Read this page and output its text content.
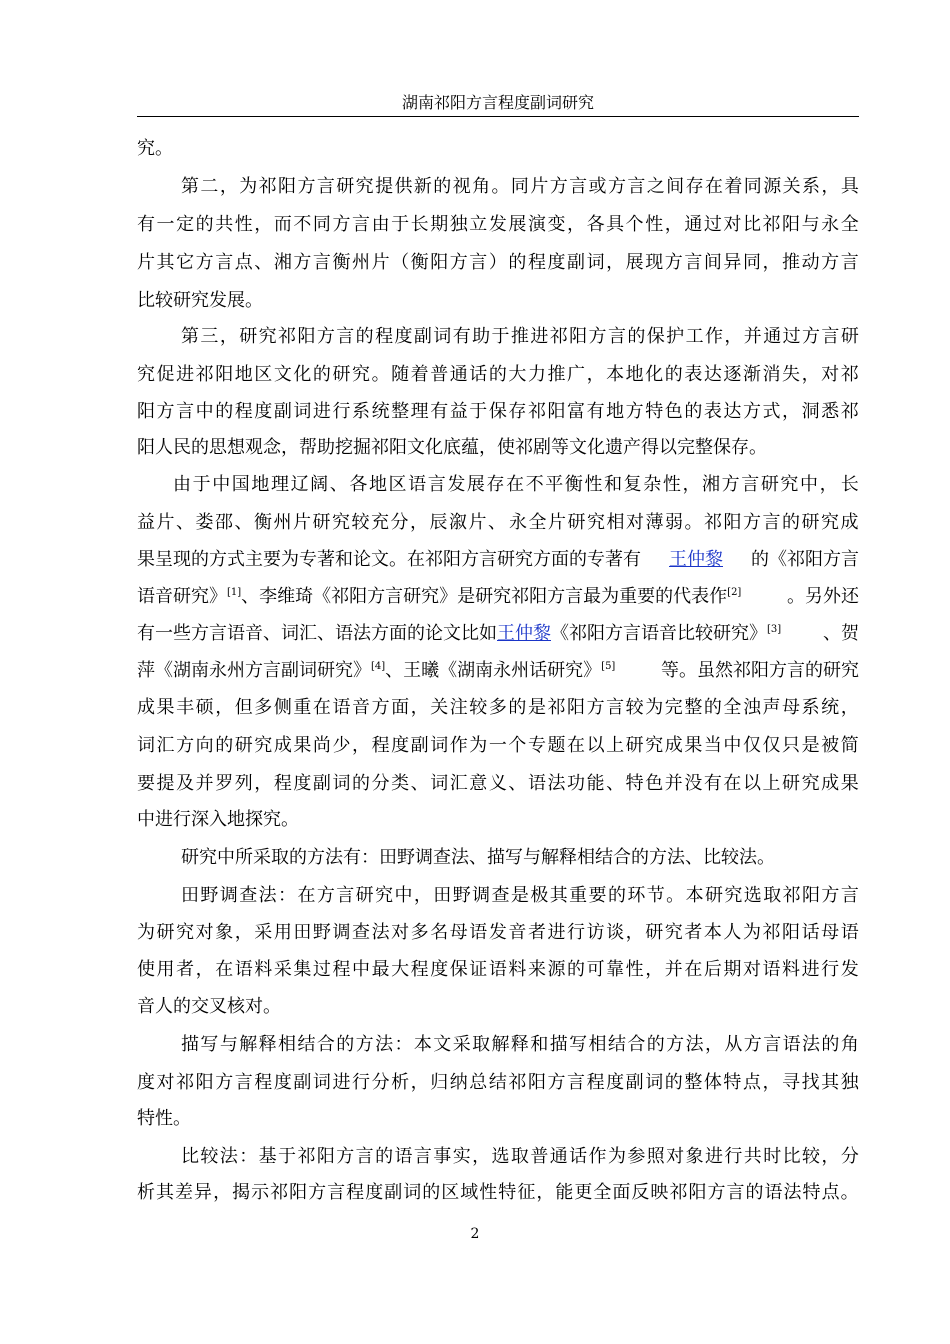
湖南祁阳方言程度副词研究
究。
第 二 ， 为 祁 阳 方 言 研 究 提 供 新 的 视 角 。 同 片 方 言 或 方 言 之 间 存 在 着 同 源 关 系 ， 具
有 一 定 的 共 性 ， 而 不 同 方 言 由 于 长 期 独 立 发 展 演 变 ， 各 具 个 性 ， 通 过 对 比 祁 阳 与 永 全
片 其 它 方 言 点 、 湘 方 言 衡 州 片 （ 衡 阳 方 言 ） 的 程 度 副 词 ， 展 现 方 言 间 异 同 ， 推 动 方 言
比较研究发展。
第 三 ， 研 究 祁 阳 方 言 的 程 度 副 词 有 助 于 推 进 祁 阳 方 言 的 保 护 工 作 ， 并 通 过 方 言 研
究 促 进 祁 阳 地 区 文 化 的 研 究 。 随 着 普 通 话 的 大 力 推 广 ， 本 地 化 的 表 达 逐 渐 消 失 ， 对 祁
阳 方 言 中 的 程 度 副 词 进 行 系 统 整 理 有 益 于 保 存 祁 阳 富 有 地 方 特 色 的 表 达 方 式 ， 洞 悉 祁
阳人民的思想观念，帮助挖掘祁阳文化底蕴，使祁剧等文化遗产得以完整保存。
由 于 中 国 地 理 辽 阔 、 各 地 区 语 言 发 展 存 在 不 平 衡 性 和 复 杂 性 ， 湘 方 言 研 究 中 ， 长
益 片 、 娄 邵 、 衡 州 片 研 究 较 充 分 ， 辰 溆 片 、 永 全 片 研 究 相 对 薄 弱 。 祁 阳 方 言 的 研 究 成
果呈现的方式主要为专著和论文。在祁阳方言研究方面的专著有 王仲黎 的《祁阳方言
语音研究》[1]、李维琦《祁阳方言研究》是研究祁阳方言最为重要的代表作[2]	。另外还
有一些方言语音、词汇、语法方面的论文比如王仲黎《祁阳方言语音比较研究》[3] 、贺
萍《湖南永州方言副词研究》[4]、王曦《湖南永州话研究》[5]	等。虽然祁阳方言的研究
成 果 丰 硕 ， 但 多 侧 重 在 语 音 方 面 ， 关 注 较 多 的 是 祁 阳 方 言 较 为 完 整 的 全 浊 声 母 系 统 ，
词 汇 方 向 的 研 究 成 果 尚 少 ， 程 度 副 词 作 为 一 个 专 题 在 以 上 研 究 成 果 当 中 仅 仅 只 是 被 简
要 提 及 并 罗 列 ， 程 度 副 词 的 分 类 、 词 汇 意 义 、 语 法 功 能 、 特 色 并 没 有 在 以 上 研 究 成 果
中进行深入地探究。
研究中所采取的方法有：田野调查法、描写与解释相结合的方法、比较法。
田 野 调 查 法 ： 在 方 言 研 究 中 ， 田 野 调 查 是 极 其 重 要 的 环 节 。 本 研 究 选 取 祁 阳 方 言
为 研 究 对 象 ， 采 用 田 野 调 查 法 对 多 名 母 语 发 音 者 进 行 访 谈 ， 研 究 者 本 人 为 祁 阳 话 母 语
使 用 者 ， 在 语 料 采 集 过 程 中 最 大 程 度 保 证 语 料 来 源 的 可 靠 性 ， 并 在 后 期 对 语 料 进 行 发
音人的交叉核对。
描 写 与 解 释 相 结 合 的 方 法 ： 本 文 采 取 解 释 和 描 写 相 结 合 的 方 法 ， 从 方 言 语 法 的 角
度 对 祁 阳 方 言 程 度 副 词 进 行 分 析 ， 归 纳 总 结 祁 阳 方 言 程 度 副 词 的 整 体 特 点 ， 寻 找 其 独
特性。
比 较 法 ： 基 于 祁 阳 方 言 的 语 言 事 实 ， 选 取 普 通 话 作 为 参 照 对 象 进 行 共 时 比 较 ， 分
析 其 差 异 ， 揭 示 祁 阳 方 言 程 度 副 词 的 区 域 性 特 征 ， 能 更 全 面 反 映 祁 阳 方 言 的 语 法 特 点 。
2
